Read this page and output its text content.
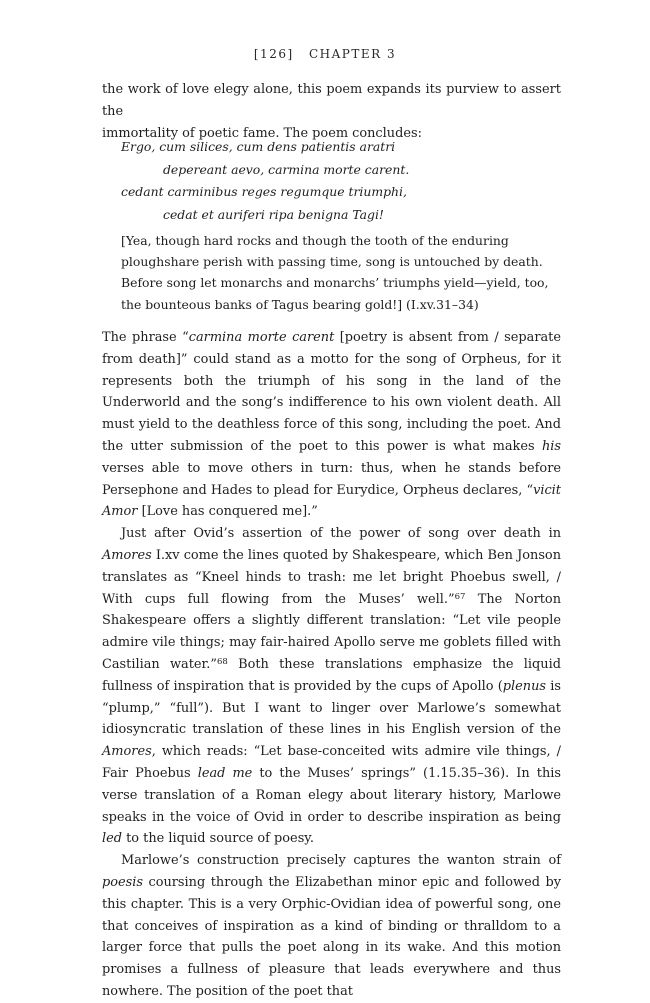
[126] CHAPTER 3
the work of love elegy alone, this poem expands its purview to assert the
immortality of poetic fame. The poem concludes:
Ergo, cum silices, cum dens patientis aratri
depereant aevo, carmina morte carent.
cedant carminibus reges regumque triumphi,
cedat et auriferi ripa benigna Tagi!
[Yea, though hard rocks and though the tooth of the enduring
ploughshare perish with passing time, song is untouched by death.
Before song let monarchs and monarchs’ triumphs yield—yield, too,
the bounteous banks of Tagus bearing gold!] (I.xv.31–34)

The phrase “carmina morte carent [poetry is absent from / separate from death]” could stand as a motto for the song of Orpheus, for it represents both the triumph of his song in the land of the Underworld and the song’s indifference to his own violent death. All must yield to the deathless force of this song, including the poet. And the utter submission of the poet to this power is what makes his verses able to move others in turn: thus, when he stands before Persephone and Hades to plead for Eurydice, Orpheus declares, “vicit Amor [Love has conquered me].”

Just after Ovid’s assertion of the power of song over death in Amores I.xv come the lines quoted by Shakespeare, which Ben Jonson translates as “Kneel hinds to trash: me let bright Phoebus swell, / With cups full flowing from the Muses’ well.”$^{67}$ The Norton Shakespeare offers a slightly different translation: “Let vile people admire vile things; may fair-haired Apollo serve me goblets filled with Castilian water.”$^{68}$ Both these translations emphasize the liquid fullness of inspiration that is provided by the cups of Apollo (plenus is “plump,” “full”). But I want to linger over Marlowe’s somewhat idiosyncratic translation of these lines in his English version of the Amores, which reads: “Let base-conceited wits admire vile things, / Fair Phoebus lead me to the Muses’ springs” (1.15.35–36). In this verse translation of a Roman elegy about literary history, Marlowe speaks in the voice of Ovid in order to describe inspiration as being led to the liquid source of poesy.

Marlowe’s construction precisely captures the wanton strain of poesis coursing through the Elizabethan minor epic and followed by this chapter. This is a very Orphic-Ovidian idea of powerful song, one that conceives of inspiration as a kind of binding or thralldom to a larger force that pulls the poet along in its wake. And this motion promises a fullness of pleasure that leads everywhere and thus nowhere. The position of the poet that
